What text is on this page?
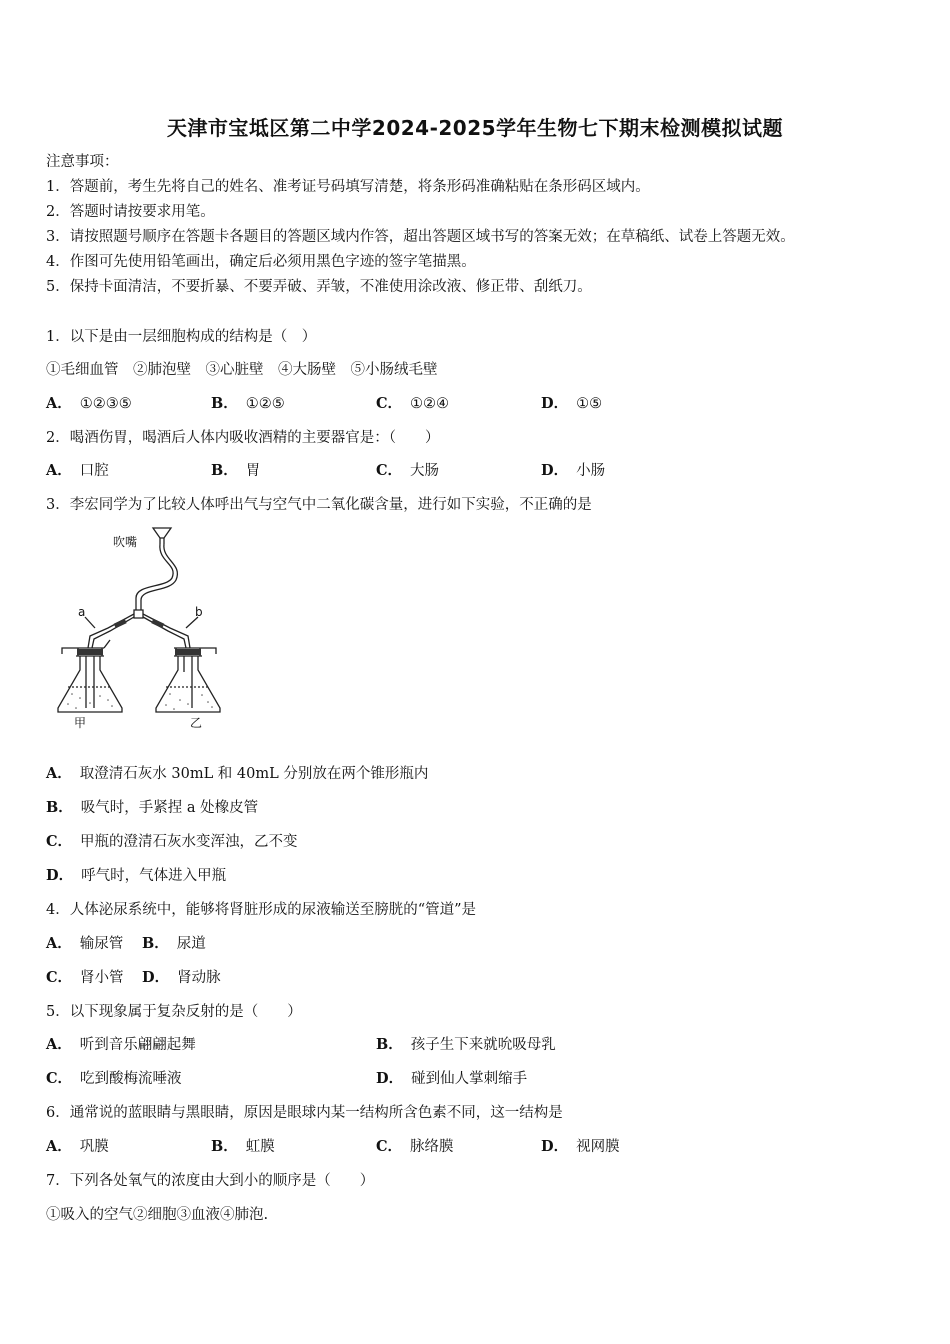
天津市宝坻区第二中学2024-2025学年生物七下期末检测模拟试题
注意事项：
1．答题前，考生先将自己的姓名、准考证号码填写清楚，将条形码准确粘贴在条形码区域内。
2．答题时请按要求用笔。
3．请按照题号顺序在答题卡各题目的答题区域内作答，超出答题区域书写的答案无效；在草稿纸、试卷上答题无效。
4．作图可先使用铅笔画出，确定后必须用黑色字迹的签字笔描黑。
5．保持卡面清洁，不要折暴、不要弄破、弄皱，不准使用涂改液、修正带、刮纸刀。
1．以下是由一层细胞构成的结构是（　）
①毛细血管　②肺泡壁　③心脏壁　④大肠壁　⑤小肠绒毛壁
A． ①②③⑤	B． ①②⑤	C． ①②④	D． ①⑤
2．喝酒伤胃，喝酒后人体内吸收酒精的主要器官是：（　　）
A． 口腔	B． 胃	C． 大肠	D． 小肠
3．李宏同学为了比较人体呼出气与空气中二氧化碳含量，进行如下实验，不正确的是
吹嘴
a	b
甲	乙
A． 取澄清石灰水 30mL 和 40mL 分别放在两个锥形瓶内
B． 吸气时，手紧捏 a 处橡皮管
C． 甲瓶的澄清石灰水变浑浊，乙不变
D． 呼气时，气体进入甲瓶
4．人体泌尿系统中，能够将肾脏形成的尿液输送至膀胱的“管道”是
A． 输尿管 B． 尿道
C． 肾小管 D． 肾动脉
5．以下现象属于复杂反射的是（　　）
A． 听到音乐翩翩起舞	B． 孩子生下来就吮吸母乳
C． 吃到酸梅流唾液	D． 碰到仙人掌刺缩手
6．通常说的蓝眼睛与黑眼睛，原因是眼球内某一结构所含色素不同，这一结构是
A． 巩膜	B． 虹膜	C． 脉络膜	D． 视网膜
7．下列各处氧气的浓度由大到小的顺序是（　　）
①吸入的空气②细胞③血液④肺泡.
